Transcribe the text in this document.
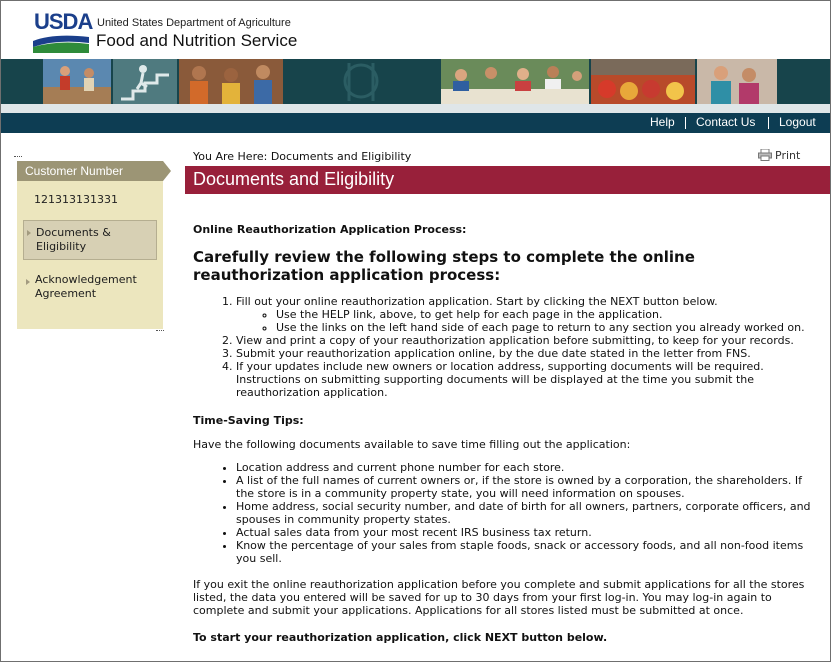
USDA United States Department of Agriculture
Food and Nutrition Service
Help Contact Us Logout
Customer Number
121313131331
Documents &
Eligibility
Acknowledgement
Agreement
You Are Here: Documents and Eligibility	Print
Documents and Eligibility

Online Reauthorization Application Process:

Carefully review the following steps to complete the online reauthorization application process:

1. Fill out your online reauthorization application. Start by clicking the NEXT button below.
◦ Use the HELP link, above, to get help for each page in the application.
◦ Use the links on the left hand side of each page to return to any section you already worked on.
2. View and print a copy of your reauthorization application before submitting, to keep for your records.
3. Submit your reauthorization application online, by the due date stated in the letter from FNS.
4. If your updates include new owners or location address, supporting documents will be required. Instructions on submitting supporting documents will be displayed at the time you submit the reauthorization application.

Time-Saving Tips:

Have the following documents available to save time filling out the application:

• Location address and current phone number for each store.
• A list of the full names of current owners or, if the store is owned by a corporation, the shareholders. If the store is in a community property state, you will need information on spouses.
• Home address, social security number, and date of birth for all owners, partners, corporate officers, and spouses in community property states.
• Actual sales data from your most recent IRS business tax return.
• Know the percentage of your sales from staple foods, snack or accessory foods, and all non-food items you sell.

If you exit the online reauthorization application before you complete and submit applications for all the stores listed, the data you entered will be saved for up to 30 days from your first log-in. You may log-in again to complete and submit your applications. Applications for all stores listed must be submitted at once.

To start your reauthorization application, click NEXT button below.
